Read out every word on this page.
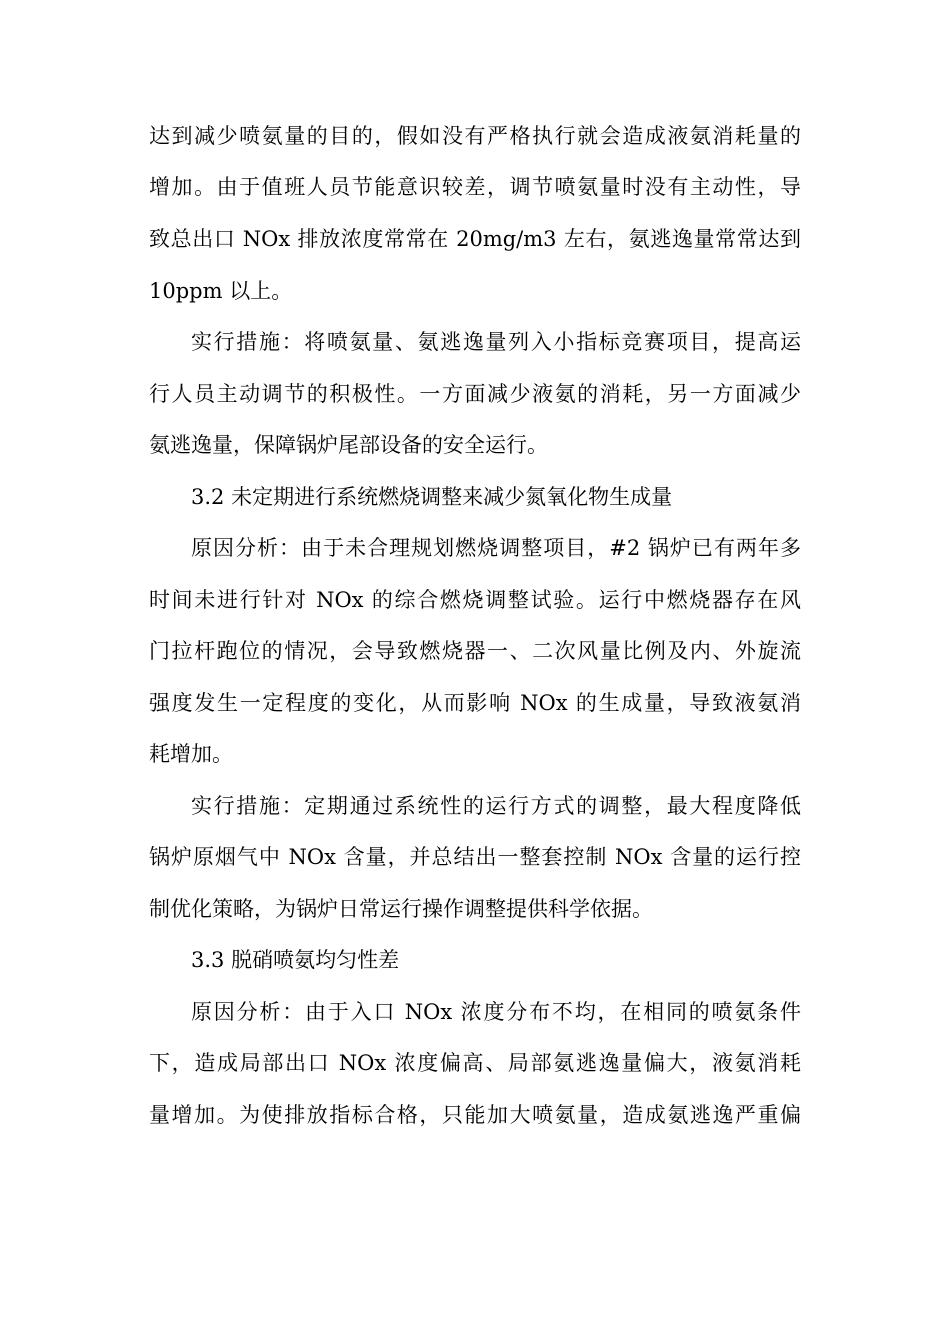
达到减少喷氨量的目的，假如没有严格执行就会造成液氨消耗量的
增加。由于值班人员节能意识较差，调节喷氨量时没有主动性，导
致总出口 NOx 排放浓度常常在 20mg/m3 左右，氨逃逸量常常达到
10ppm 以上。
实行措施：将喷氨量、氨逃逸量列入小指标竞赛项目，提高运
行人员主动调节的积极性。一方面减少液氨的消耗，另一方面减少
氨逃逸量，保障锅炉尾部设备的安全运行。
3.2 未定期进行系统燃烧调整来减少氮氧化物生成量
原因分析：由于未合理规划燃烧调整项目，#2 锅炉已有两年多
时间未进行针对 NOx 的综合燃烧调整试验。运行中燃烧器存在风
门拉杆跑位的情况，会导致燃烧器一、二次风量比例及内、外旋流
强度发生一定程度的变化，从而影响 NOx 的生成量，导致液氨消
耗增加。
实行措施：定期通过系统性的运行方式的调整，最大程度降低
锅炉原烟气中 NOx 含量，并总结出一整套控制 NOx 含量的运行控
制优化策略，为锅炉日常运行操作调整提供科学依据。
3.3 脱硝喷氨均匀性差
原因分析：由于入口 NOx 浓度分布不均，在相同的喷氨条件
下，造成局部出口 NOx 浓度偏高、局部氨逃逸量偏大，液氨消耗
量增加。为使排放指标合格，只能加大喷氨量，造成氨逃逸严重偏
